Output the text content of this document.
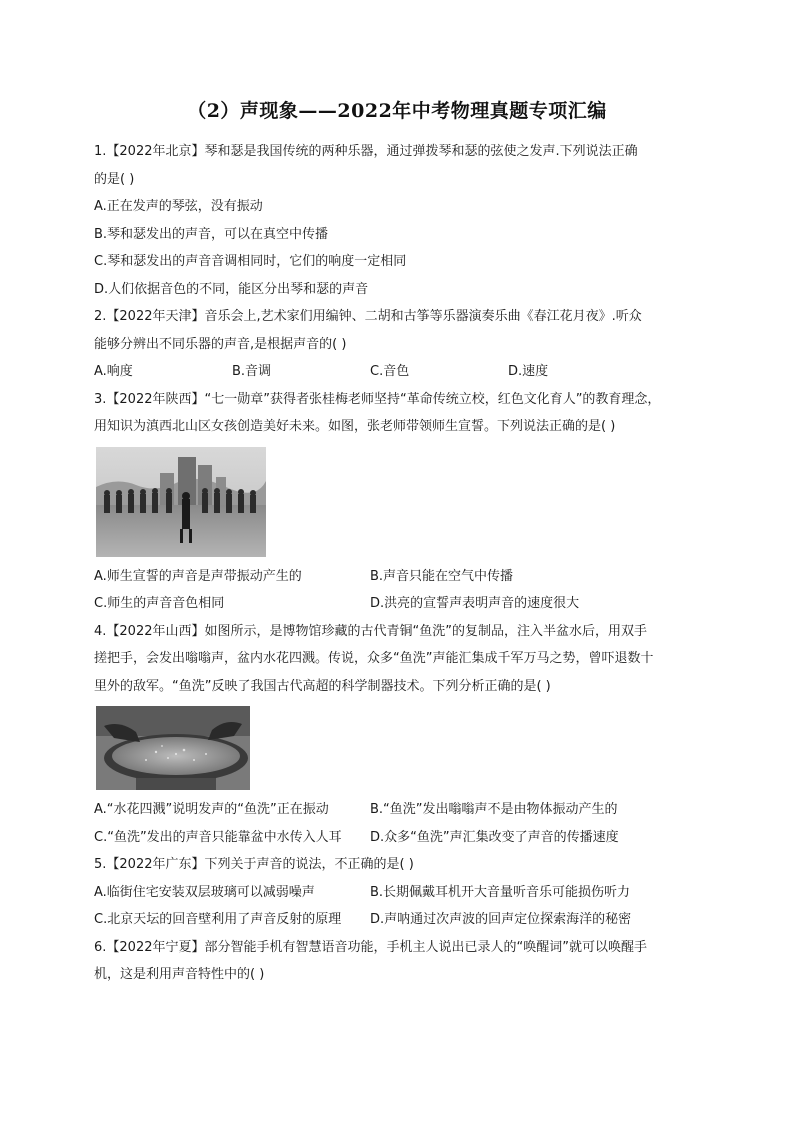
（2）声现象——2022年中考物理真题专项汇编
1.【2022年北京】琴和瑟是我国传统的两种乐器，通过弹拨琴和瑟的弦使之发声.下列说法正确
的是( )
A.正在发声的琴弦，没有振动
B.琴和瑟发出的声音，可以在真空中传播
C.琴和瑟发出的声音音调相同时，它们的响度一定相同
D.人们依据音色的不同，能区分出琴和瑟的声音
2.【2022年天津】音乐会上,艺术家们用编钟、二胡和古筝等乐器演奏乐曲《春江花月夜》.听众
能够分辨出不同乐器的声音,是根据声音的( )
A.响度	B.音调	C.音色	D.速度
3.【2022年陕西】“七一勋章”获得者张桂梅老师坚持“革命传统立校，红色文化育人”的教育理念，
用知识为滇西北山区女孩创造美好未来。如图，张老师带领师生宣誓。下列说法正确的是( )
A.师生宣誓的声音是声带振动产生的	B.声音只能在空气中传播
C.师生的声音音色相同	D.洪亮的宣誓声表明声音的速度很大
4.【2022年山西】如图所示，是博物馆珍藏的古代青铜“鱼洗”的复制品，注入半盆水后，用双手
搓把手，会发出嗡嗡声，盆内水花四溅。传说，众多“鱼洗”声能汇集成千军万马之势，曾吓退数十
里外的敌军。“鱼洗”反映了我国古代高超的科学制器技术。下列分析正确的是( )
A.“水花四溅”说明发声的“鱼洗”正在振动	B.“鱼洗”发出嗡嗡声不是由物体振动产生的
C.“鱼洗”发出的声音只能靠盆中水传入人耳	D.众多“鱼洗”声汇集改变了声音的传播速度
5.【2022年广东】下列关于声音的说法，不正确的是( )
A.临街住宅安装双层玻璃可以减弱噪声	B.长期佩戴耳机开大音量听音乐可能损伤听力
C.北京天坛的回音壁利用了声音反射的原理	D.声呐通过次声波的回声定位探索海洋的秘密
6.【2022年宁夏】部分智能手机有智慧语音功能，手机主人说出已录人的“唤醒词”就可以唤醒手
机，这是利用声音特性中的( )
